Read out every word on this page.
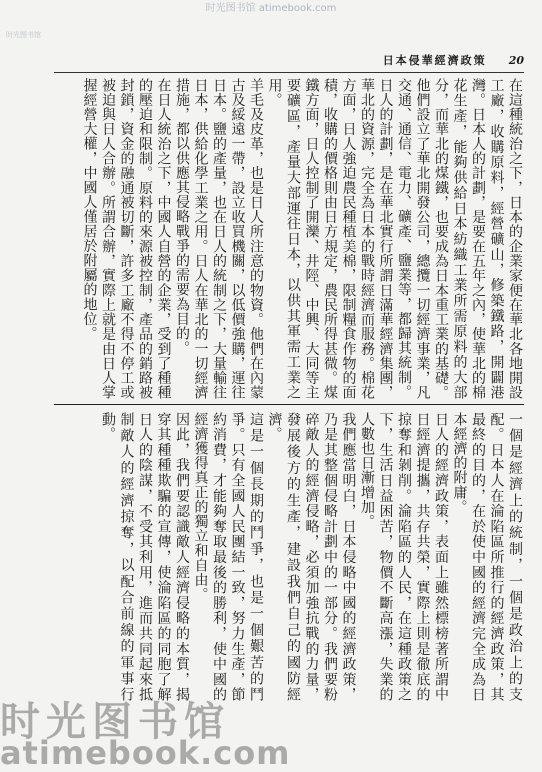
时光图书馆 atimebook.com
时光图书馆
日本侵華經濟政策 20

在這種統治之下，日本的企業家便在華北各地開設工廠，收購原料，經營礦山，修築鐵路，開闢港灣。日本人的計劃，是要在五年之內，使華北的棉花生產，能夠供給日本紡織工業所需原料的大部分，而華北的煤鐵，也要成為日本重工業的基礎。他們設立了華北開發公司，總攬一切經濟事業，凡交通、通信、電力、礦產、鹽業等，都歸其統制。

日人的計劃，是在華北實行所謂日滿華經濟集團，華北的資源，完全為日本的戰時經濟而服務。棉花方面，日人強迫農民種植美棉，限制糧食作物的面積，收購的價格則由日方規定，農民所得甚微。煤鐵方面，日人控制了開灤、井陘、中興、大同等主要礦區，產量大部運往日本，以供其軍需工業之用。

羊毛及皮革，也是日人所注意的物資。他們在內蒙古及綏遠一帶，設立收買機關，以低價強購，運往日本。鹽的產量，也在日人的統制之下，大量輸往日本，供給化學工業之用。日人在華北的一切經濟措施，都以供應其侵略戰爭的需要為目的。

在日人統治之下，中國人自營的企業，受到了種種的壓迫和限制。原料的來源被控制，產品的銷路被封鎖，資金的融通被切斷，許多工廠不得不停工或被迫與日人合辦。所謂合辦，實際上就是由日人掌握經營大權，中國人僅居於附屬的地位。

一個是經濟上的統制，一個是政治上的支配。日本人在淪陷區所推行的經濟政策，其最終的目的，在於使中國的經濟完全成為日本經濟的附庸。

日人的經濟政策，表面上雖然標榜著所謂中日經濟提攜，共存共榮，實際上則是徹底的掠奪和剝削。淪陷區的人民，在這種政策之下，生活日益困苦，物價不斷高漲，失業的人數也日漸增加。

我們應當明白，日本侵略中國的經濟政策，乃是其整個侵略計劃中的一部分。我們要粉碎敵人的經濟侵略，必須加強抗戰的力量，發展後方的生產，建設我們自己的國防經濟。

這是一個長期的鬥爭，也是一個艱苦的鬥爭。只有全國人民團結一致，努力生產，節約消費，才能夠奪取最後的勝利，使中國的經濟獲得真正的獨立和自由。

因此，我們要認識敵人經濟侵略的本質，揭穿其種種欺騙的宣傳，使淪陷區的同胞了解日人的陰謀，不受其利用，進而共同起來抵制敵人的經濟掠奪，以配合前線的軍事行動。

时光图书馆
atimebook.com
